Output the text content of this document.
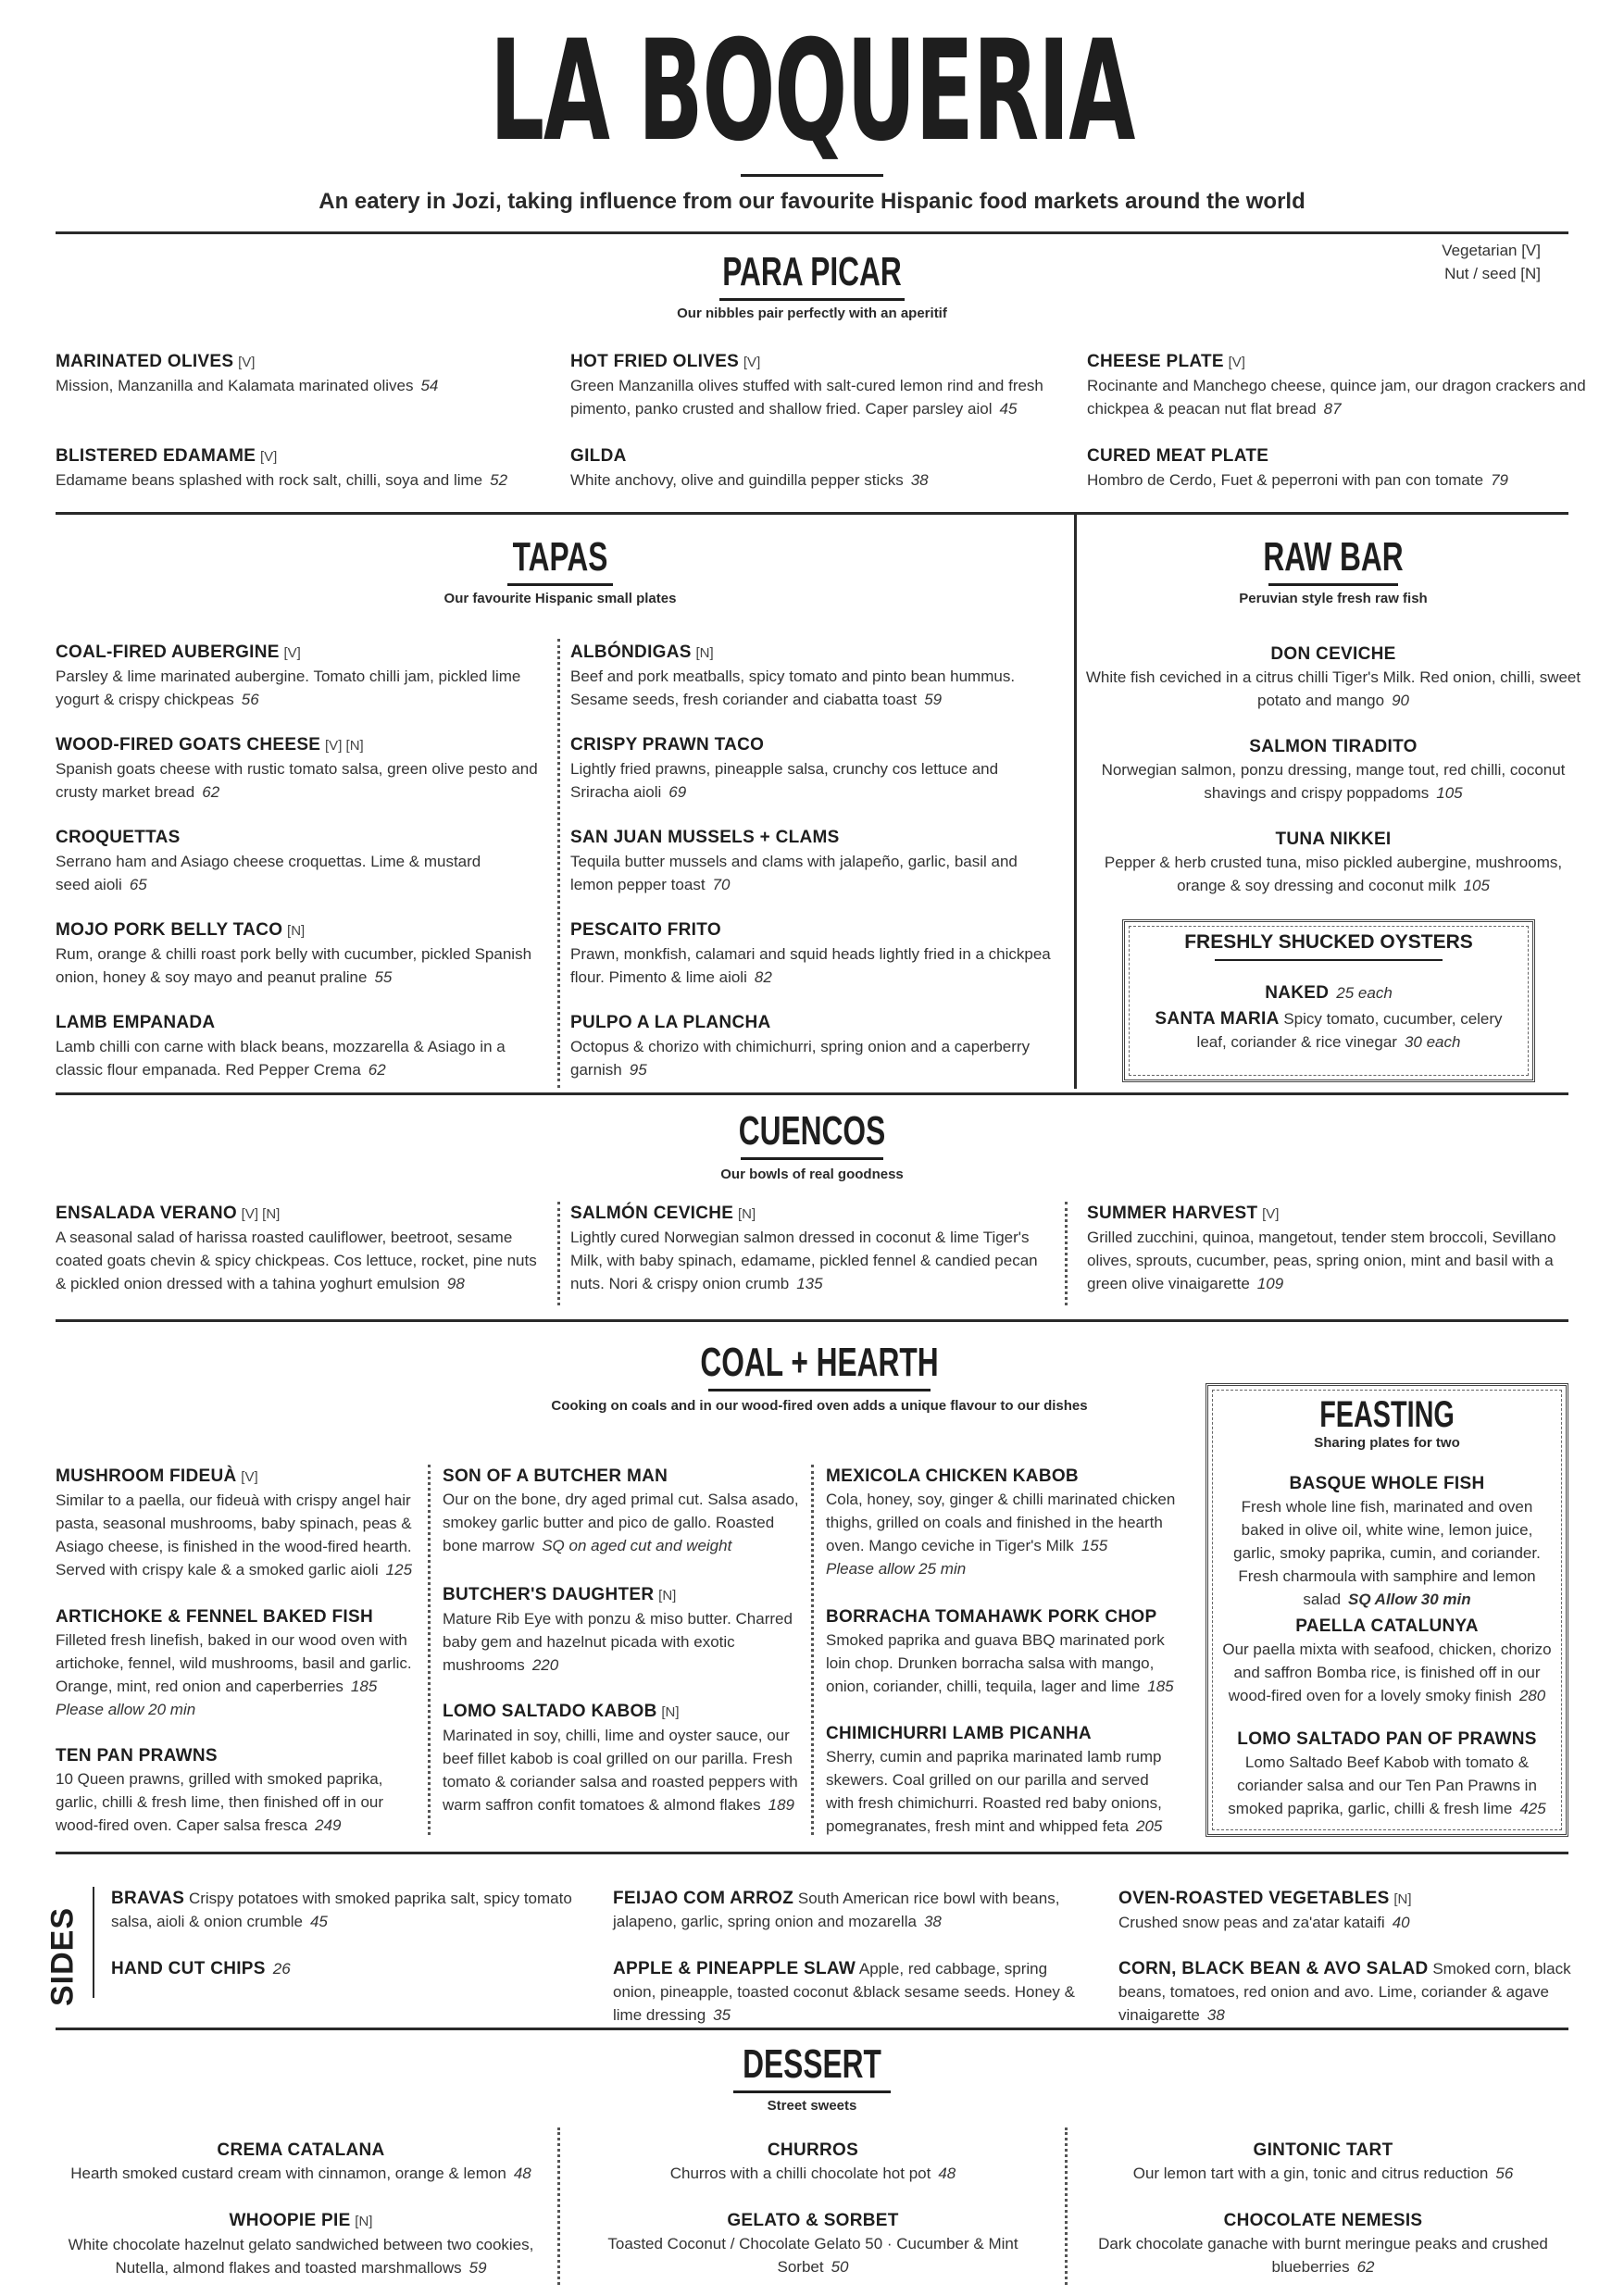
LA BOQUERIA
An eatery in Jozi, taking influence from our favourite Hispanic food markets around the world
Vegetarian [V]
Nut / seed [N]
PARA PICAR
Our nibbles pair perfectly with an aperitif
MARINATED OLIVES [V]
Mission, Manzanilla and Kalamata marinated olives 54
HOT FRIED OLIVES [V]
Green Manzanilla olives stuffed with salt-cured lemon rind and fresh pimento, panko crusted and shallow fried. Caper parsley aiol 45
CHEESE PLATE [V]
Rocinante and Manchego cheese, quince jam, our dragon crackers and chickpea & peacan nut flat bread 87
BLISTERED EDAMAME [V]
Edamame beans splashed with rock salt, chilli, soya and lime 52
GILDA
White anchovy, olive and guindilla pepper sticks 38
CURED MEAT PLATE
Hombro de Cerdo, Fuet & peperroni with pan con tomate 79
TAPAS
Our favourite Hispanic small plates
COAL-FIRED AUBERGINE [V]
Parsley & lime marinated aubergine. Tomato chilli jam, pickled lime yogurt & crispy chickpeas 56
WOOD-FIRED GOATS CHEESE [V] [N]
Spanish goats cheese with rustic tomato salsa, green olive pesto and crusty market bread 62
CROQUETTAS
Serrano ham and Asiago cheese croquettas. Lime & mustard seed aioli 65
MOJO PORK BELLY TACO [N]
Rum, orange & chilli roast pork belly with cucumber, pickled Spanish onion, honey & soy mayo and peanut praline 55
LAMB EMPANADA
Lamb chilli con carne with black beans, mozzarella & Asiago in a classic flour empanada. Red Pepper Crema 62
ALBÓNDIGAS [N]
Beef and pork meatballs, spicy tomato and pinto bean hummus. Sesame seeds, fresh coriander and ciabatta toast 59
CRISPY PRAWN TACO
Lightly fried prawns, pineapple salsa, crunchy cos lettuce and Sriracha aioli 69
SAN JUAN MUSSELS + CLAMS
Tequila butter mussels and clams with jalapeño, garlic, basil and lemon pepper toast 70
PESCAITO FRITO
Prawn, monkfish, calamari and squid heads lightly fried in a chickpea flour. Pimento & lime aioli 82
PULPO A LA PLANCHA
Octopus & chorizo with chimichurri, spring onion and a caperberry garnish 95
RAW BAR
Peruvian style fresh raw fish
DON CEVICHE
White fish ceviched in a citrus chilli Tiger's Milk. Red onion, chilli, sweet potato and mango 90
SALMON TIRADITO
Norwegian salmon, ponzu dressing, mange tout, red chilli, coconut shavings and crispy poppadoms 105
TUNA NIKKEI
Pepper & herb crusted tuna, miso pickled aubergine, mushrooms, orange & soy dressing and coconut milk 105
FRESHLY SHUCKED OYSTERS
NAKED 25 each
SANTA MARIA Spicy tomato, cucumber, celery leaf, coriander & rice vinegar 30 each
CUENCOS
Our bowls of real goodness
ENSALADA VERANO [V] [N]
A seasonal salad of harissa roasted cauliflower, beetroot, sesame coated goats chevin & spicy chickpeas. Cos lettuce, rocket, pine nuts & pickled onion dressed with a tahina yoghurt emulsion 98
SALMÓN CEVICHE [N]
Lightly cured Norwegian salmon dressed in coconut & lime Tiger's Milk, with baby spinach, edamame, pickled fennel & candied pecan nuts. Nori & crispy onion crumb 135
SUMMER HARVEST [V]
Grilled zucchini, quinoa, mangetout, tender stem broccoli, Sevillano olives, sprouts, cucumber, peas, spring onion, mint and basil with a green olive vinaigarette 109
COAL + HEARTH
Cooking on coals and in our wood-fired oven adds a unique flavour to our dishes
MUSHROOM FIDEUÀ [V]
Similar to a paella, our fideuà with crispy angel hair pasta, seasonal mushrooms, baby spinach, peas & Asiago cheese, is finished in the wood-fired hearth. Served with crispy kale & a smoked garlic aioli 125
ARTICHOKE & FENNEL BAKED FISH
Filleted fresh linefish, baked in our wood oven with artichoke, fennel, wild mushrooms, basil and garlic. Orange, mint, red onion and caperberries 185
Please allow 20 min
TEN PAN PRAWNS
10 Queen prawns, grilled with smoked paprika, garlic, chilli & fresh lime, then finished off in our wood-fired oven. Caper salsa fresca 249
SON OF A BUTCHER MAN
Our on the bone, dry aged primal cut. Salsa asado, smokey garlic butter and pico de gallo. Roasted bone marrow SQ on aged cut and weight
BUTCHER'S DAUGHTER [N]
Mature Rib Eye with ponzu & miso butter. Charred baby gem and hazelnut picada with exotic mushrooms 220
LOMO SALTADO KABOB [N]
Marinated in soy, chilli, lime and oyster sauce, our beef fillet kabob is coal grilled on our parilla. Fresh tomato & coriander salsa and roasted peppers with warm saffron confit tomatoes & almond flakes 189
MEXICOLA CHICKEN KABOB
Cola, honey, soy, ginger & chilli marinated chicken thighs, grilled on coals and finished in the hearth oven. Mango ceviche in Tiger's Milk 155
Please allow 25 min
BORRACHA TOMAHAWK PORK CHOP
Smoked paprika and guava BBQ marinated pork loin chop. Drunken borracha salsa with mango, onion, coriander, chilli, tequila, lager and lime 185
CHIMICHURRI LAMB PICANHA
Sherry, cumin and paprika marinated lamb rump skewers. Coal grilled on our parilla and served with fresh chimichurri. Roasted red baby onions, pomegranates, fresh mint and whipped feta 205
FEASTING
Sharing plates for two
BASQUE WHOLE FISH
Fresh whole line fish, marinated and oven baked in olive oil, white wine, lemon juice, garlic, smoky paprika, cumin, and coriander. Fresh charmoula with samphire and lemon salad SQ Allow 30 min
PAELLA CATALUNYA
Our paella mixta with seafood, chicken, chorizo and saffron Bomba rice, is finished off in our wood-fired oven for a lovely smoky finish 280
LOMO SALTADO PAN OF PRAWNS
Lomo Saltado Beef Kabob with tomato & coriander salsa and our Ten Pan Prawns in smoked paprika, garlic, chilli & fresh lime 425
SIDES
BRAVAS Crispy potatoes with smoked paprika salt, spicy tomato salsa, aioli & onion crumble 45
HAND CUT CHIPS 26
FEIJAO COM ARROZ South American rice bowl with beans, jalapeno, garlic, spring onion and mozarella 38
APPLE & PINEAPPLE SLAW Apple, red cabbage, spring onion, pineapple, toasted coconut &black sesame seeds. Honey & lime dressing 35
OVEN-ROASTED VEGETABLES [N]
Crushed snow peas and za'atar kataifi 40
CORN, BLACK BEAN & AVO SALAD Smoked corn, black beans, tomatoes, red onion and avo. Lime, coriander & agave vinaigarette 38
DESSERT
Street sweets
CREMA CATALANA
Hearth smoked custard cream with cinnamon, orange & lemon 48
WHOOPIE PIE [N]
White chocolate hazelnut gelato sandwiched between two cookies, Nutella, almond flakes and toasted marshmallows 59
CHURROS
Churros with a chilli chocolate hot pot 48
GELATO & SORBET
Toasted Coconut / Chocolate Gelato 50 · Cucumber & Mint Sorbet 50
GINTONIC TART
Our lemon tart with a gin, tonic and citrus reduction 56
CHOCOLATE NEMESIS
Dark chocolate ganache with burnt meringue peaks and crushed blueberries 62
